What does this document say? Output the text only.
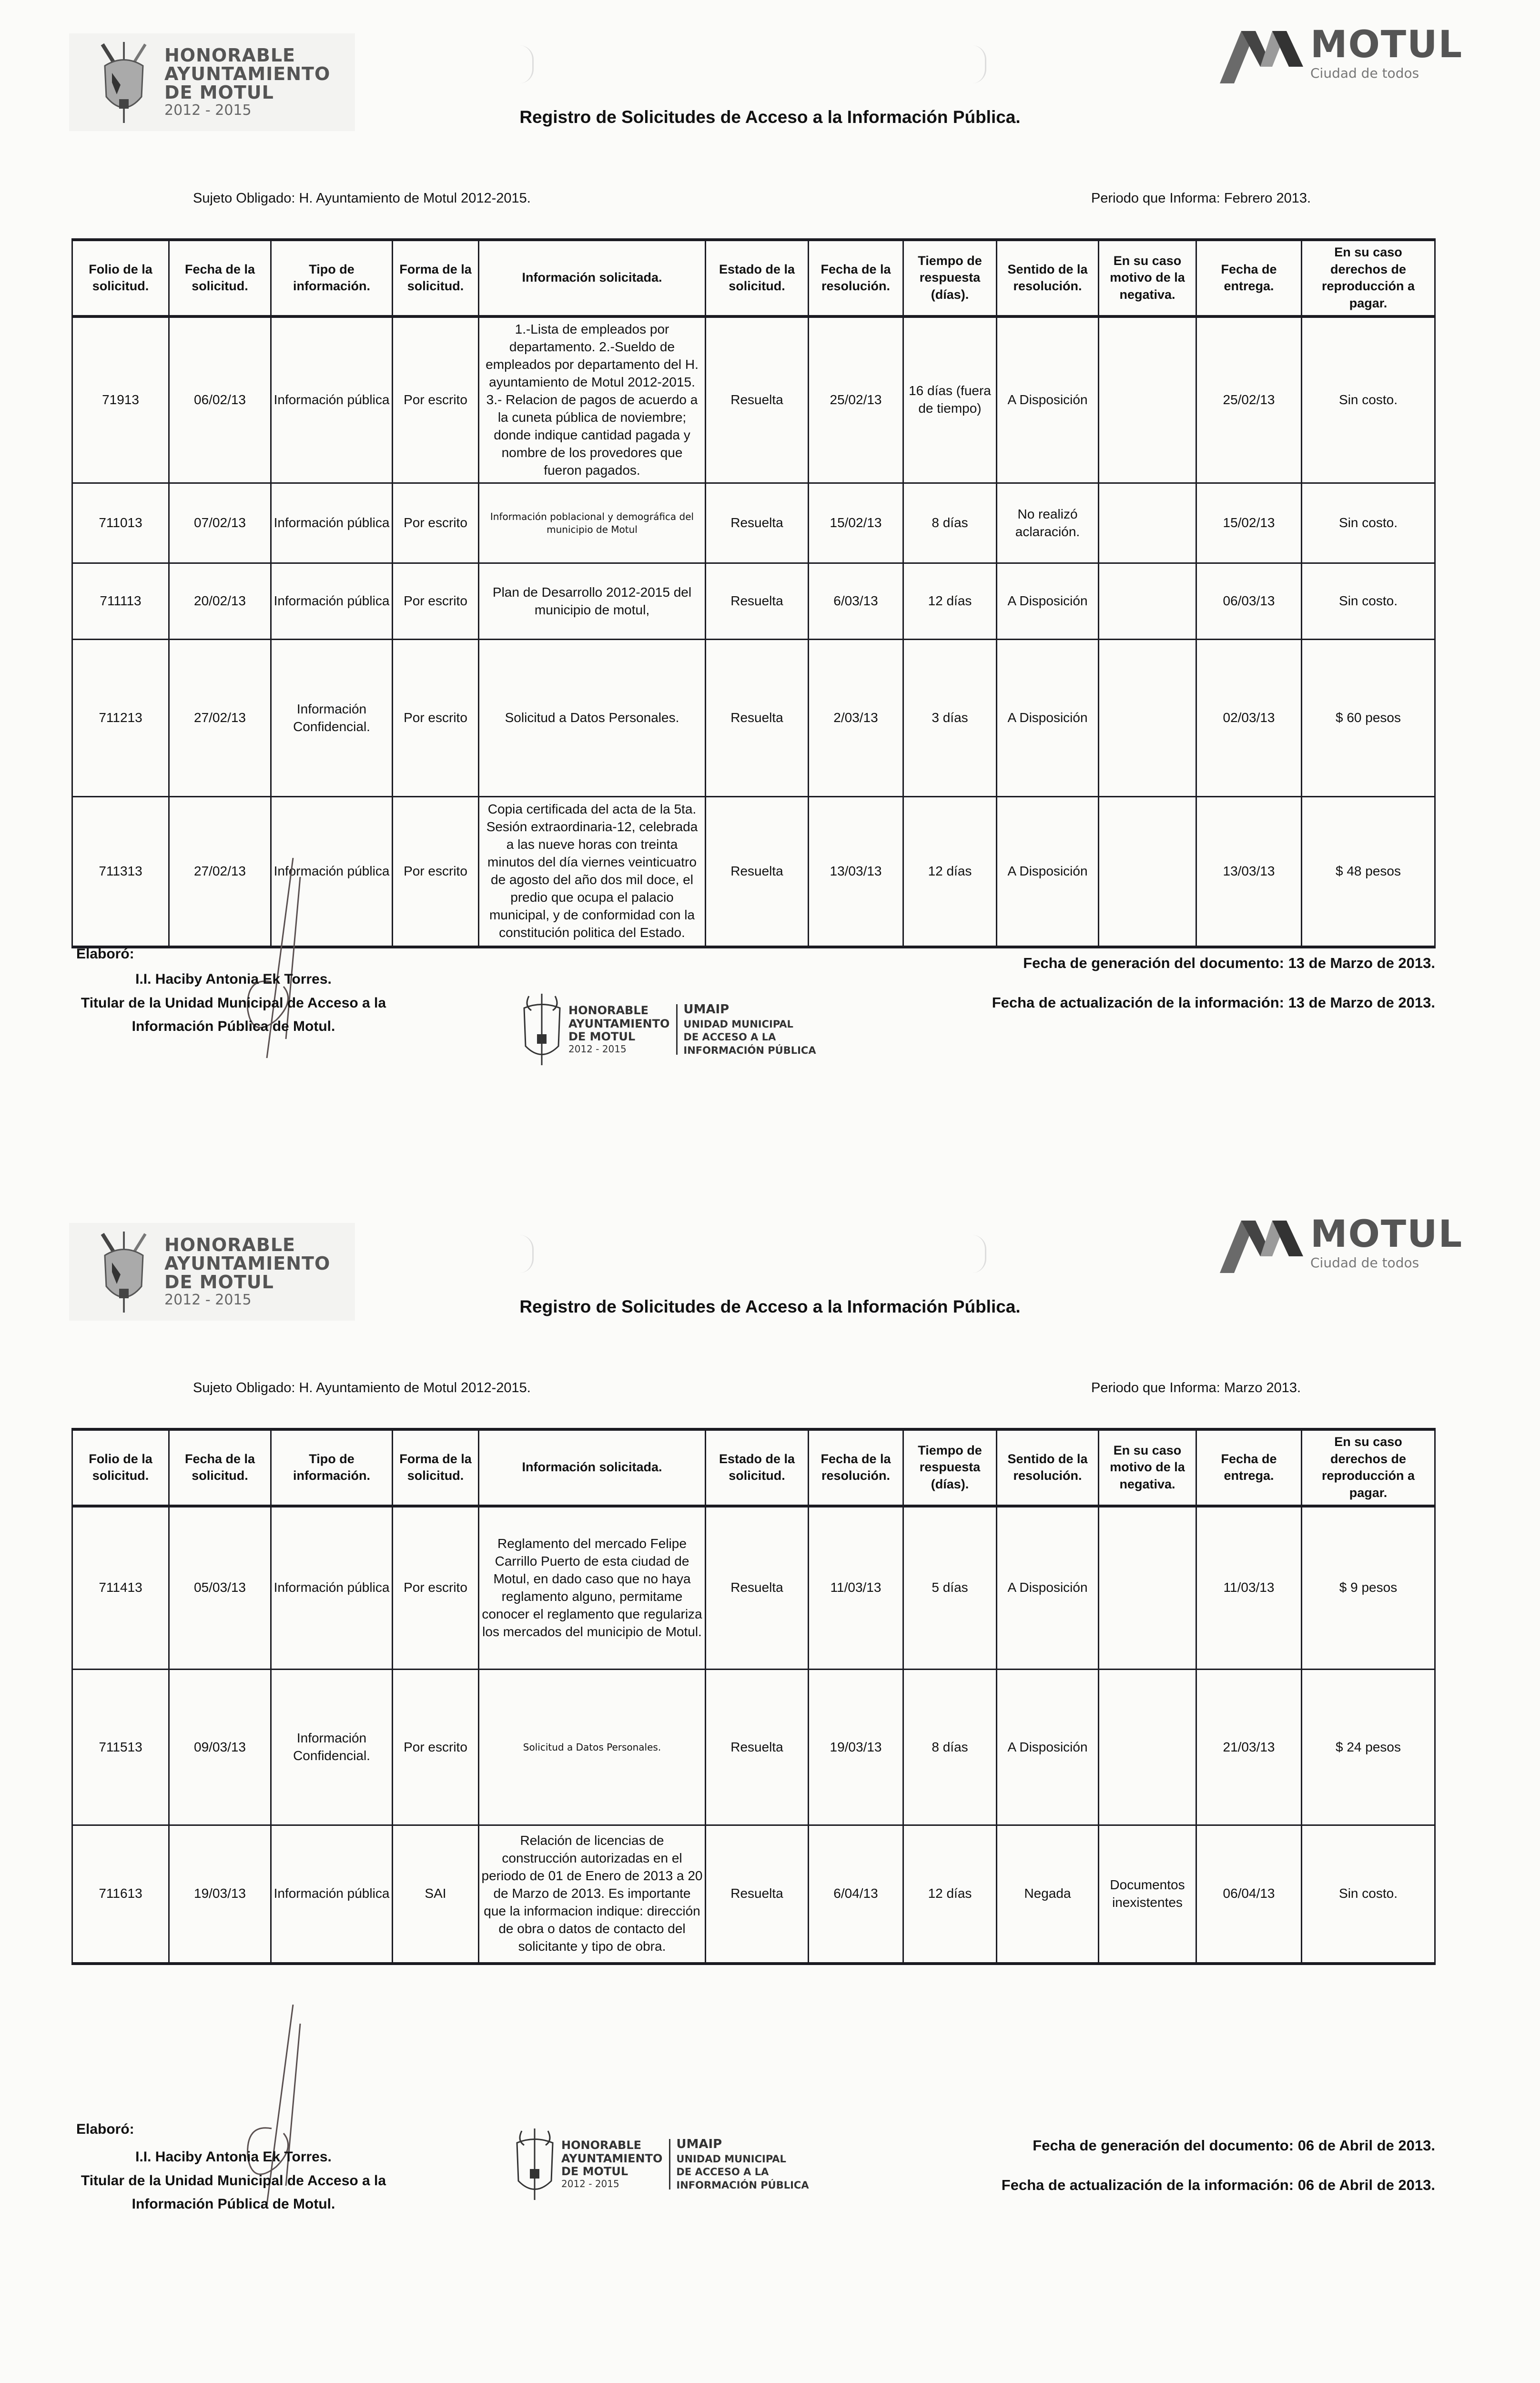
HONORABLE
AYUNTAMIENTO
DE MOTUL
2012 - 2015
MOTUL
Ciudad de todos
Registro de Solicitudes de Acceso a la Información Pública.
Sujeto Obligado: H. Ayuntamiento de Motul 2012-2015.	Periodo que Informa: Febrero 2013.
Folio de la solicitud.	Fecha de la solicitud.	Tipo de información.	Forma de la solicitud.	Información solicitada.	Estado de la solicitud.	Fecha de la resolución.	Tiempo de respuesta (días).	Sentido de la resolución.	En su caso motivo de la negativa.	Fecha de entrega.	En su caso derechos de reproducción a pagar.
71913	06/02/13	Información pública	Por escrito	1.-Lista de empleados por departamento. 2.-Sueldo de empleados por departamento del H. ayuntamiento de Motul 2012-2015. 3.- Relacion de pagos de acuerdo a la cuneta pública de noviembre; donde indique cantidad pagada y nombre de los provedores que fueron pagados.	Resuelta	25/02/13	16 días (fuera de tiempo)	A Disposición		25/02/13	Sin costo.
711013	07/02/13	Información pública	Por escrito	Información poblacional y demográfica del municipio de Motul	Resuelta	15/02/13	8 días	No realizó aclaración.		15/02/13	Sin costo.
711113	20/02/13	Información pública	Por escrito	Plan de Desarrollo 2012-2015 del municipio de motul,	Resuelta	6/03/13	12 días	A Disposición		06/03/13	Sin costo.
711213	27/02/13	Información Confidencial.	Por escrito	Solicitud a Datos Personales.	Resuelta	2/03/13	3 días	A Disposición		02/03/13	$ 60 pesos
711313	27/02/13	Información pública	Por escrito	Copia certificada del acta de la 5ta. Sesión extraordinaria-12, celebrada a las nueve horas con treinta minutos del día viernes veinticuatro de agosto del año dos mil doce, el predio que ocupa el palacio municipal, y de conformidad con la constitución politica del Estado.	Resuelta	13/03/13	12 días	A Disposición		13/03/13	$ 48 pesos
Elaboró:
I.I. Haciby Antonia Ek Torres.
Titular de la Unidad Municipal de Acceso a la Información Pública de Motul.
HONORABLE
AYUNTAMIENTO
DE MOTUL
2012 - 2015
UMAIP
UNIDAD MUNICIPAL
DE ACCESO A LA
INFORMACIÓN PÚBLICA
Fecha de generación del documento: 13 de Marzo de 2013.
Fecha de actualización de la información: 13 de Marzo de 2013.
HONORABLE
AYUNTAMIENTO
DE MOTUL
2012 - 2015
MOTUL
Ciudad de todos
Registro de Solicitudes de Acceso a la Información Pública.
Sujeto Obligado: H. Ayuntamiento de Motul 2012-2015.	Periodo que Informa: Marzo 2013.
Folio de la solicitud.	Fecha de la solicitud.	Tipo de información.	Forma de la solicitud.	Información solicitada.	Estado de la solicitud.	Fecha de la resolución.	Tiempo de respuesta (días).	Sentido de la resolución.	En su caso motivo de la negativa.	Fecha de entrega.	En su caso derechos de reproducción a pagar.
711413	05/03/13	Información pública	Por escrito	Reglamento del mercado Felipe Carrillo Puerto de esta ciudad de Motul, en dado caso que no haya reglamento alguno, permitame conocer el reglamento que regulariza los mercados del municipio de Motul.	Resuelta	11/03/13	5 días	A Disposición		11/03/13	$ 9 pesos
711513	09/03/13	Información Confidencial.	Por escrito	Solicitud a Datos Personales.	Resuelta	19/03/13	8 días	A Disposición		21/03/13	$ 24 pesos
711613	19/03/13	Información pública	SAI	Relación de licencias de construcción autorizadas en el periodo de 01 de Enero de 2013 a 20 de Marzo de 2013. Es importante que la informacion indique: dirección de obra o datos de contacto del solicitante y tipo de obra.	Resuelta	6/04/13	12 días	Negada	Documentos inexistentes	06/04/13	Sin costo.
Elaboró:
I.I. Haciby Antonia Ek Torres.
Titular de la Unidad Municipal de Acceso a la Información Pública de Motul.
HONORABLE
AYUNTAMIENTO
DE MOTUL
2012 - 2015
UMAIP
UNIDAD MUNICIPAL
DE ACCESO A LA
INFORMACIÓN PÚBLICA
Fecha de generación del documento: 06 de Abril de 2013.
Fecha de actualización de la información: 06 de Abril de 2013.
